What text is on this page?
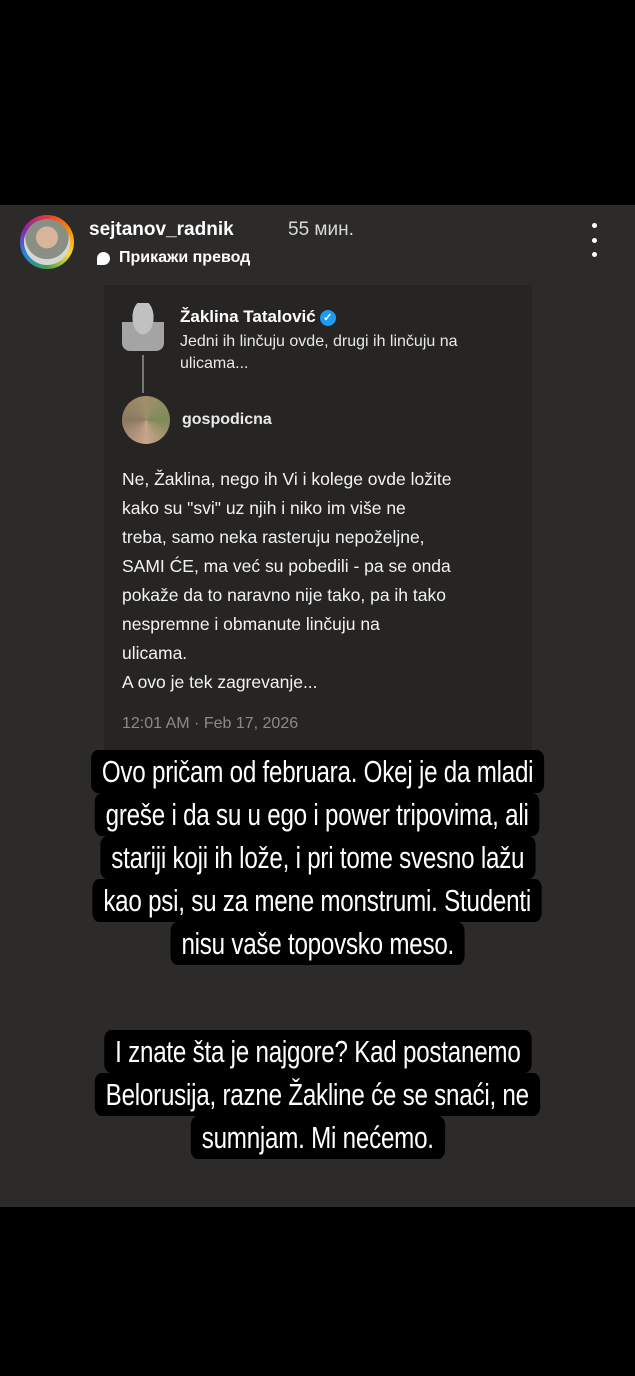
sejtanov_radnik	55 мин.
Прикажи превод
Žaklina Tatalović ✓
Jedni ih linčuju ovde, drugi ih linčuju na ulicama...
gospodicna
Ne, Žaklina, nego ih Vi i kolege ovde ložite
kako su "svi" uz njih i niko im više ne
treba, samo neka rasteruju nepoželjne,
SAMI ĆE, ma već su pobedili - pa se onda
pokaže da to naravno nije tako, pa ih tako
nespremne i obmanute linčuju na
ulicama.
A ovo je tek zagrevanje...
12:01 AM · Feb 17, 2026
Ovo pričam od februara. Okej je da mladi
greše i da su u ego i power tripovima, ali
stariji koji ih lože, i pri tome svesno lažu
kao psi, su za mene monstrumi. Studenti
nisu vaše topovsko meso.
I znate šta je najgore? Kad postanemo
Belorusija, razne Žakline će se snaći, ne
sumnjam. Mi nećemo.
